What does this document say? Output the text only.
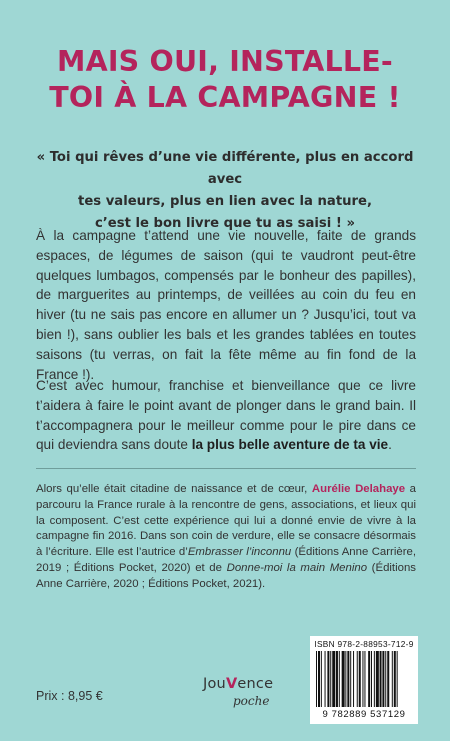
MAIS OUI, INSTALLE-
TOI À LA CAMPAGNE !
« Toi qui rêves d’une vie différente, plus en accord avec
tes valeurs, plus en lien avec la nature,
c’est le bon livre que tu as saisi ! »
À la campagne t’attend une vie nouvelle, faite de grands espaces, de légumes de saison (qui te vaudront peut-être quelques lumbagos, compensés par le bonheur des papilles), de marguerites au printemps, de veillées au coin du feu en hiver (tu ne sais pas encore en allumer un ? Jusqu’ici, tout va bien !), sans oublier les bals et les grandes tablées en toutes saisons (tu verras, on fait la fête même au fin fond de la France !).
C’est avec humour, franchise et bienveillance que ce livre t’aidera à faire le point avant de plonger dans le grand bain. Il t’accompagnera pour le meilleur comme pour le pire dans ce qui deviendra sans doute la plus belle aventure de ta vie.
Alors qu’elle était citadine de naissance et de cœur, Aurélie Delahaye a parcouru la France rurale à la rencontre de gens, associations, et lieux qui la composent. C’est cette expérience qui lui a donné envie de vivre à la campagne fin 2016. Dans son coin de verdure, elle se consacre désormais à l’écriture. Elle est l’autrice d’Embrasser l’inconnu (Éditions Anne Carrière, 2019 ; Éditions Pocket, 2020) et de Donne-moi la main Menino (Éditions Anne Carrière, 2020 ; Éditions Pocket, 2021).
Prix : 8,95 €
JouVence
poche
ISBN 978-2-88953-712-9
9 782889 537129
